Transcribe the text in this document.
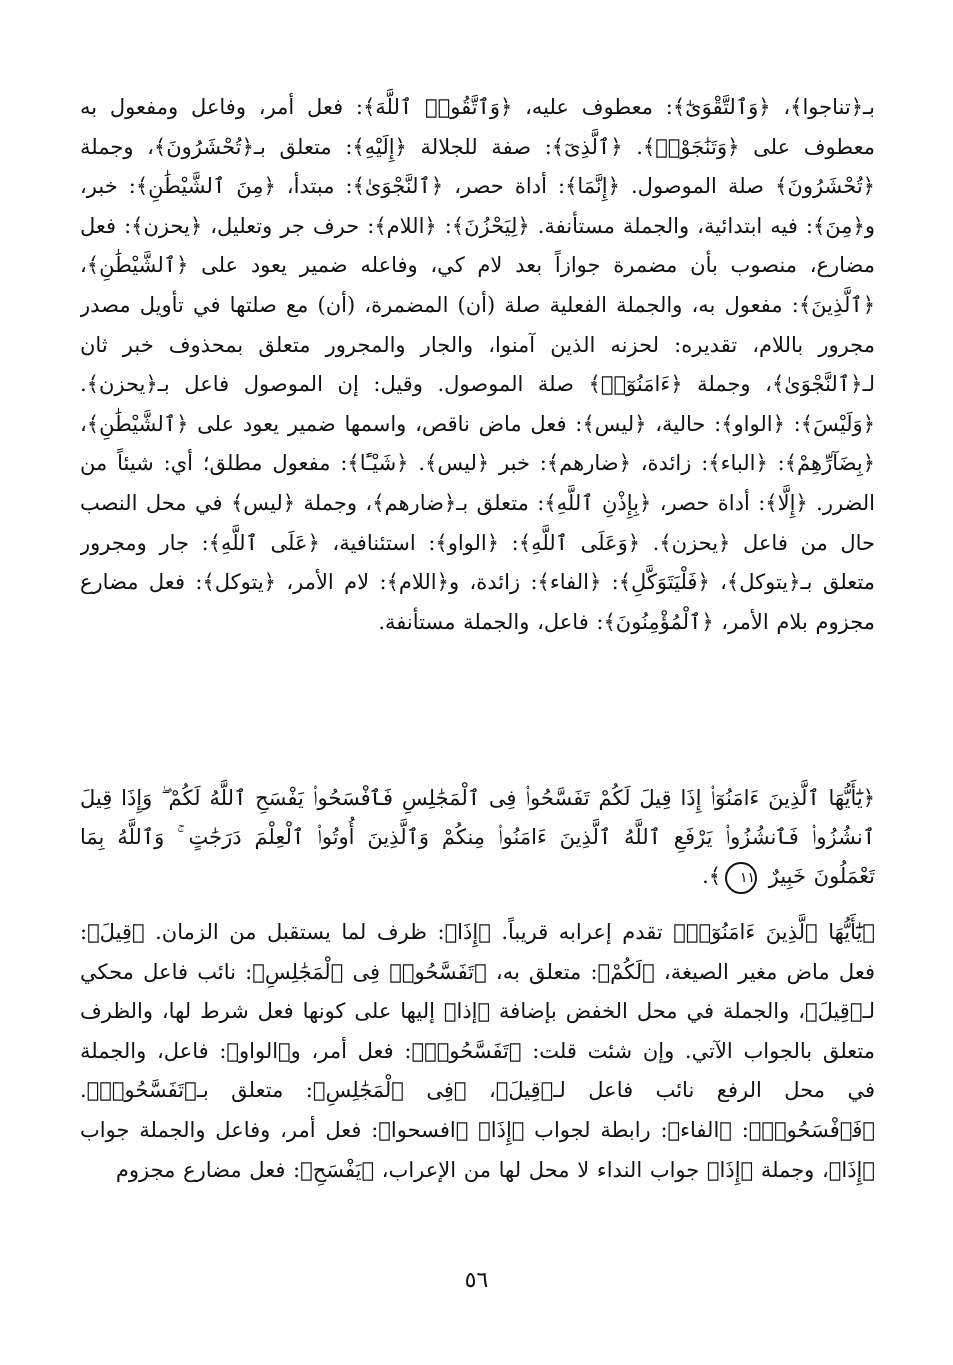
بـ﴿تناجوا﴾، ﴿وَٱلتَّقْوَىٰٓ﴾: معطوف عليه، ﴿وَٱتَّقُوا۟ ٱللَّهَ﴾: فعل أمر، وفاعل ومفعول به معطوف على ﴿وَتَنَٰجَوْا۟﴾. ﴿ٱلَّذِىٓ﴾: صفة للجلالة ﴿إِلَيْهِ﴾: متعلق بـ﴿تُحْشَرُونَ﴾، وجملة ﴿تُحْشَرُونَ﴾ صلة الموصول. ﴿إِنَّمَا﴾: أداة حصر، ﴿ٱلنَّجْوَىٰ﴾: مبتدأ، ﴿مِنَ ٱلشَّيْطَٰنِ﴾: خبر، و﴿مِنَ﴾: فيه ابتدائية، والجملة مستأنفة. ﴿لِيَحْزُنَ﴾: ﴿اللام﴾: حرف جر وتعليل، ﴿يحزن﴾: فعل مضارع، منصوب بأن مضمرة جوازاً بعد لام كي، وفاعله ضمير يعود على ﴿ٱلشَّيْطَٰنِ﴾، ﴿ٱلَّذِينَ﴾: مفعول به، والجملة الفعلية صلة (أن) المضمرة، (أن) مع صلتها في تأويل مصدر مجرور باللام، تقديره: لحزنه الذين آمنوا، والجار والمجرور متعلق بمحذوف خبر ثان لـ﴿ٱلنَّجْوَىٰ﴾، وجملة ﴿ءَامَنُوٓا۟﴾ صلة الموصول. وقيل: إن الموصول فاعل بـ﴿يحزن﴾. ﴿وَلَيْسَ﴾: ﴿الواو﴾: حالية، ﴿ليس﴾: فعل ماض ناقص، واسمها ضمير يعود على ﴿ٱلشَّيْطَٰنِ﴾، ﴿بِضَآرِّهِمْ﴾: ﴿الباء﴾: زائدة، ﴿ضارهم﴾: خبر ﴿ليس﴾. ﴿شَيْـًٔا﴾: مفعول مطلق؛ أي: شيئاً من الضرر. ﴿إِلَّا﴾: أداة حصر، ﴿بِإِذْنِ ٱللَّهِ﴾: متعلق بـ﴿ضارهم﴾، وجملة ﴿ليس﴾ في محل النصب حال من فاعل ﴿يحزن﴾. ﴿وَعَلَى ٱللَّهِ﴾: ﴿الواو﴾: استئنافية، ﴿عَلَى ٱللَّهِ﴾: جار ومجرور متعلق بـ﴿يتوكل﴾، ﴿فَلْيَتَوَكَّلِ﴾: ﴿الفاء﴾: زائدة، و﴿اللام﴾: لام الأمر، ﴿يتوكل﴾: فعل مضارع مجزوم بلام الأمر، ﴿ٱلْمُؤْمِنُونَ﴾: فاعل، والجملة مستأنفة.

﴿يَٰٓأَيُّهَا ٱلَّذِينَ ءَامَنُوٓا۟ إِذَا قِيلَ لَكُمْ تَفَسَّحُوا۟ فِى ٱلْمَجَٰلِسِ فَٱفْسَحُوا۟ يَفْسَحِ ٱللَّهُ لَكُمْ ۖ وَإِذَا قِيلَ ٱنشُزُوا۟ فَٱنشُزُوا۟ يَرْفَعِ ٱللَّهُ ٱلَّذِينَ ءَامَنُوا۟ مِنكُمْ وَٱلَّذِينَ أُوتُوا۟ ٱلْعِلْمَ دَرَجَٰتٍ ۚ وَٱللَّهُ بِمَا تَعْمَلُونَ خَبِيرٌ ١١﴾.

﴿يَٰٓأَيُّهَا ٱلَّذِينَ ءَامَنُوٓا۟﴾ تقدم إعرابه قريباً. ﴿إِذَا﴾: ظرف لما يستقبل من الزمان. ﴿قِيلَ﴾: فعل ماض مغير الصيغة، ﴿لَكُمْ﴾: متعلق به، ﴿تَفَسَّحُوا۟ فِى ٱلْمَجَٰلِسِ﴾: نائب فاعل محكي لـ﴿قِيلَ﴾، والجملة في محل الخفض بإضافة ﴿إذا﴾ إليها على كونها فعل شرط لها، والظرف متعلق بالجواب الآتي. وإن شئت قلت: ﴿تَفَسَّحُوا۟﴾: فعل أمر، و﴿الواو﴾: فاعل، والجملة في محل الرفع نائب فاعل لـ﴿قِيلَ﴾، ﴿فِى ٱلْمَجَٰلِسِ﴾: متعلق بـ﴿تَفَسَّحُوا۟﴾. ﴿فَٱفْسَحُوا۟﴾: ﴿الفاء﴾: رابطة لجواب ﴿إِذَا﴾ ﴿افسحوا﴾: فعل أمر، وفاعل والجملة جواب ﴿إِذَا﴾، وجملة ﴿إِذَا﴾ جواب النداء لا محل لها من الإعراب، ﴿يَفْسَحِ﴾: فعل مضارع مجزوم

٥٦
